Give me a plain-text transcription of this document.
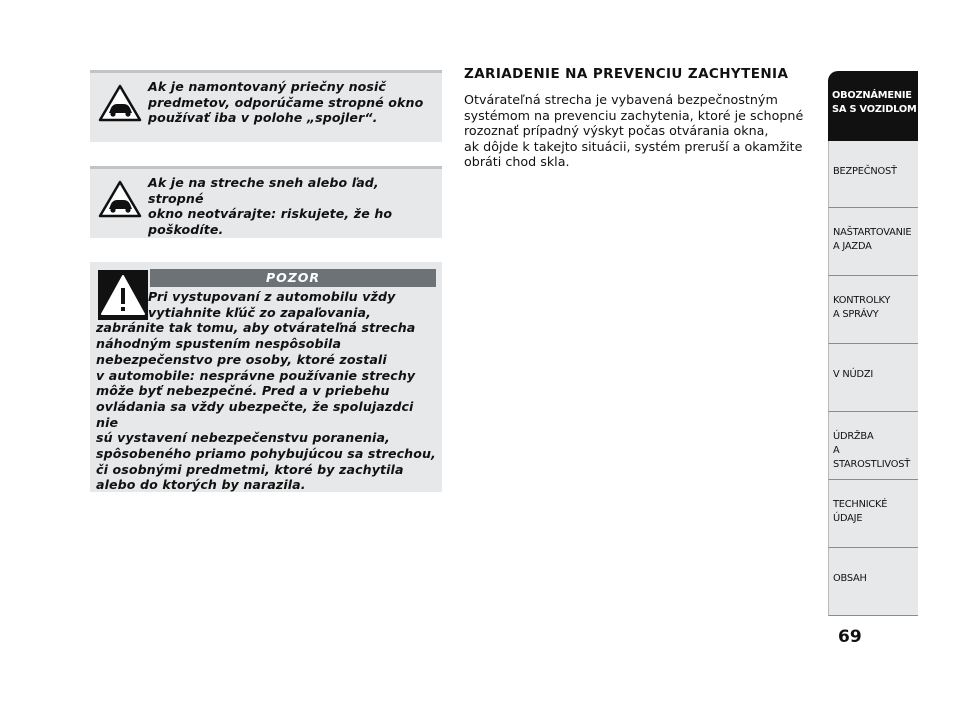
Ak je namontovaný priečny nosič
predmetov, odporúčame stropné okno
používať iba v polohe „spojler“.
Ak je na streche sneh alebo ľad, stropné
okno neotvárajte: riskujete, že ho
poškodíte.
POZOR

Pri vystupovaní z automobilu vždy

vytiahnite kľúč zo zapaľovania,

zabránite tak tomu, aby otvárateľná strecha

náhodným spustením nespôsobila

nebezpečenstvo pre osoby, ktoré zostali

v automobile: nesprávne používanie strechy

môže byť nebezpečné. Pred a v priebehu

ovládania sa vždy ubezpečte, že spolujazdci nie

sú vystavení nebezpečenstvu poranenia,

spôsobeného priamo pohybujúcou sa strechou,

či osobnými predmetmi, ktoré by zachytila

alebo do ktorých by narazila.

ZARIADENIE NA PREVENCIU ZACHYTENIA

Otvárateľná strecha je vybavená bezpečnostným

systémom na prevenciu zachytenia, ktoré je schopné

rozoznať prípadný výskyt počas otvárania okna,

ak dôjde k takejto situácii, systém preruší a okamžite

obráti chod skla.

OBOZNÁMENIE
SA S VOZIDLOM
BEZPEČNOSŤ
NAŠTARTOVANIE
A JAZDA
KONTROLKY
A SPRÁVY
V NÚDZI
ÚDRŽBA
A STAROSTLIVOSŤ
TECHNICKÉ
ÚDAJE
OBSAH
69
